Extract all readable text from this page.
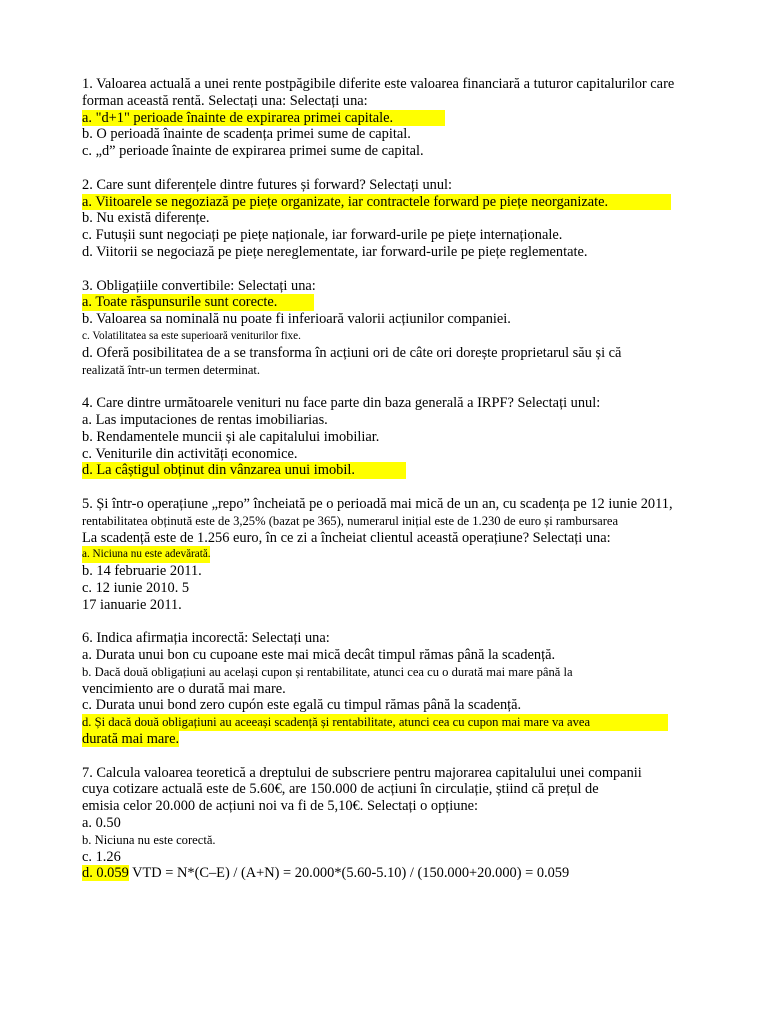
1. Valoarea actuală a unei rente postpăgibile diferite este valoarea financiară a tuturor capitalurilor care
forman această rentă. Selectați una: Selectați una:
a. "d+1" perioade înainte de expirarea primei capitale.
b. O perioadă înainte de scadența primei sume de capital.
c. „d” perioade înainte de expirarea primei sume de capital.
2. Care sunt diferențele dintre futures și forward? Selectați unul:
a. Viitoarele se negoziază pe piețe organizate, iar contractele forward pe piețe neorganizate.
b. Nu există diferențe.
c. Futușii sunt negociați pe piețe naționale, iar forward-urile pe piețe internaționale.
d. Viitorii se negociază pe piețe nereglementate, iar forward-urile pe piețe reglementate.
3. Obligațiile convertibile: Selectați una:
a. Toate răspunsurile sunt corecte.
b. Valoarea sa nominală nu poate fi inferioară valorii acțiunilor companiei.
c. Volatilitatea sa este superioară veniturilor fixe.
d. Oferă posibilitatea de a se transforma în acțiuni ori de câte ori dorește proprietarul său și că
realizată într-un termen determinat.
4. Care dintre următoarele venituri nu face parte din baza generală a IRPF? Selectați unul:
a. Las imputaciones de rentas imobiliarias.
b. Rendamentele muncii și ale capitalului imobiliar.
c. Veniturile din activități economice.
d. La câștigul obținut din vânzarea unui imobil.
5. Și într-o operațiune „repo” încheiată pe o perioadă mai mică de un an, cu scadența pe 12 iunie 2011,
rentabilitatea obținută este de 3,25% (bazat pe 365), numerarul inițial este de 1.230 de euro și rambursarea
La scadență este de 1.256 euro, în ce zi a încheiat clientul această operațiune? Selectați una:
a. Niciuna nu este adevărată.
b. 14 februarie 2011.
c. 12 iunie 2010. 5
17 ianuarie 2011.
6. Indica afirmația incorectă: Selectați una:
a. Durata unui bon cu cupoane este mai mică decât timpul rămas până la scadență.
b. Dacă două obligațiuni au același cupon și rentabilitate, atunci cea cu o durată mai mare până la
vencimiento are o durată mai mare.
c. Durata unui bond zero cupón este egală cu timpul rămas până la scadență.
d. Și dacă două obligațiuni au aceeași scadență și rentabilitate, atunci cea cu cupon mai mare va avea
durată mai mare.
7. Calcula valoarea teoretică a dreptului de subscriere pentru majorarea capitalului unei companii
cuya cotizare actuală este de 5.60€, are 150.000 de acțiuni în circulație, știind că prețul de
emisia celor 20.000 de acțiuni noi va fi de 5,10€. Selectați o opțiune:
a. 0.50
b. Niciuna nu este corectă.
c. 1.26
d. 0.059 VTD = N*(C–E) / (A+N) = 20.000*(5.60-5.10) / (150.000+20.000) = 0.059
